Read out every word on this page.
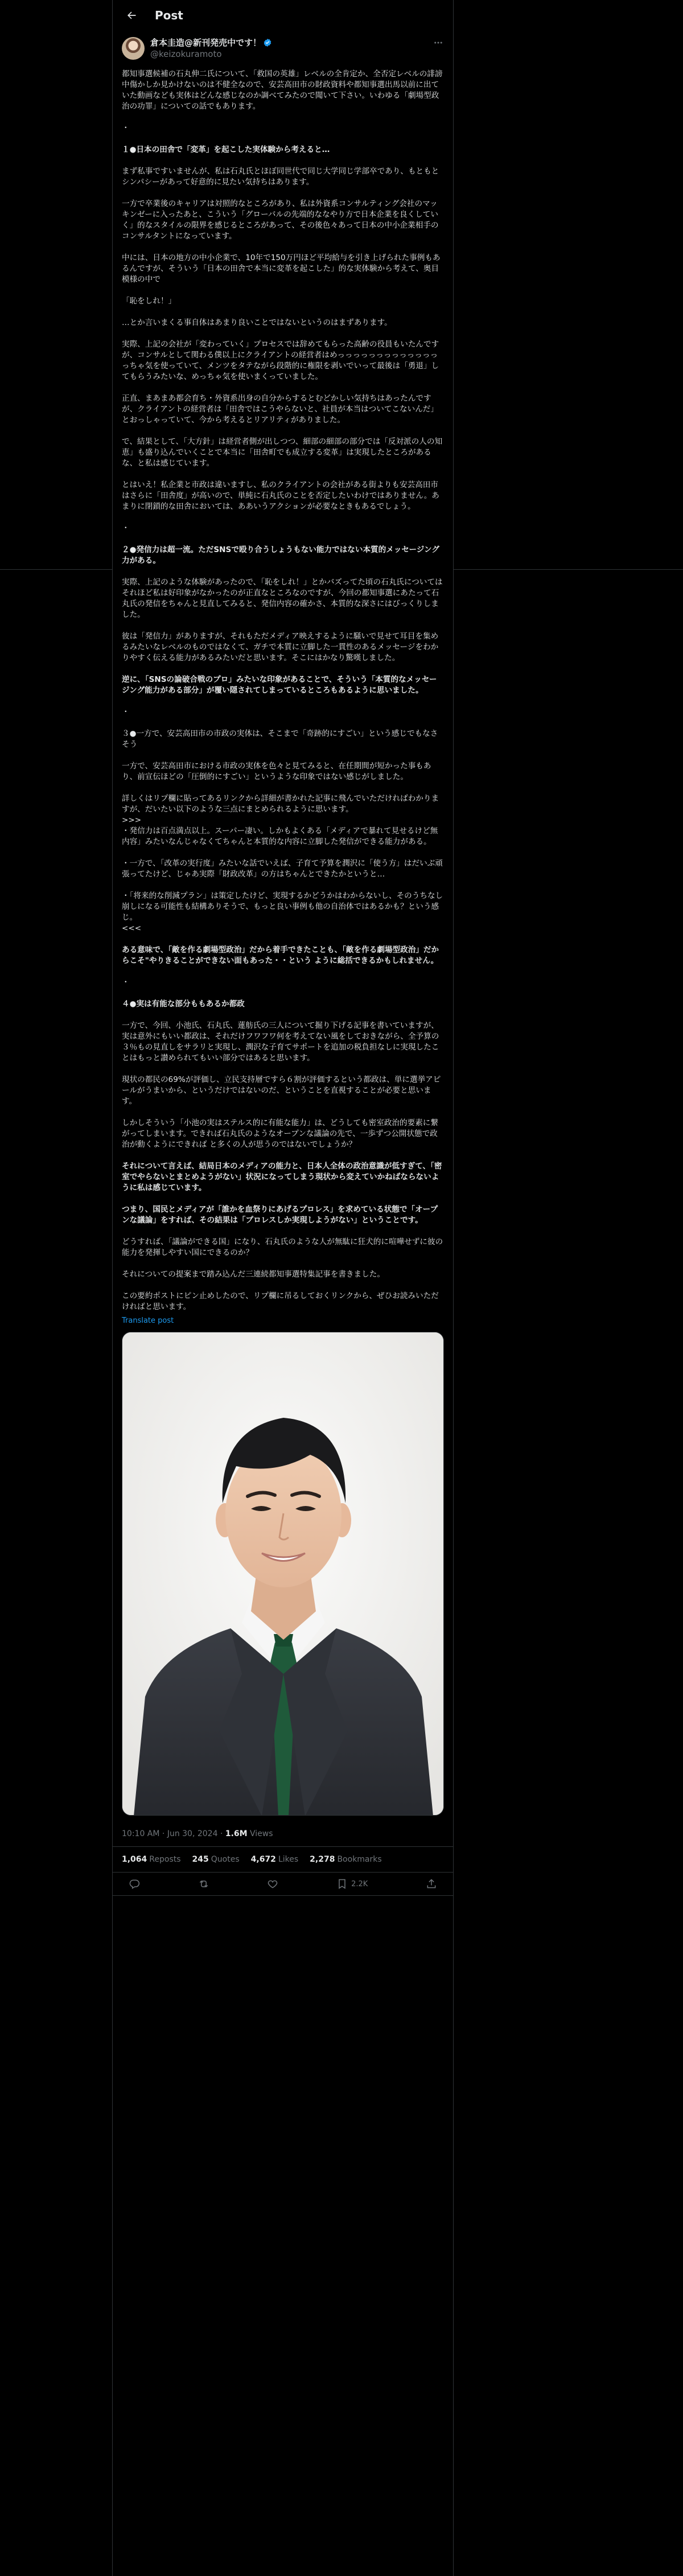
Post
倉本圭造@新刊発売中です！
@keizokuramoto

都知事選候補の石丸伸二氏について、「救国の英雄」レベルの全肯定か、全否定レベルの誹謗中傷かしか見かけないのは不健全なので、安芸高田市の財政資料や都知事選出馬以前に出ていた動画なども実体はどんな感じなのか調べてみたので聞いて下さい。いわゆる「劇場型政治の功罪」についての話でもあります。

・

１●日本の田舎で「変革」を起こした実体験から考えると…

まず私事ですいませんが、私は石丸氏とほぼ同世代で同じ大学同じ学部卒であり、もともとシンパシーがあって好意的に見たい気持ちはあります。

一方で卒業後のキャリアは対照的なところがあり、私は外資系コンサルティング会社のマッキンゼーに入ったあと、こういう「グローバルの先端的ななやり方で日本企業を良くしていく」的なスタイルの限界を感じるところがあって、その後色々あって日本の中小企業相手のコンサルタントになっています。

中には、日本の地方の中小企業で、10年で150万円ほど平均給与を引き上げられた事例もあるんですが、そういう「日本の田舎で本当に変革を起こした」的な実体験から考えて、奥目模様の中で

「恥をしれ！」

…とか言いまくる事自体はあまり良いことではないというのはまずあります。

実際、上記の会社が「変わっていく」プロセスでは辞めてもらった高齢の役員もいたんですが、コンサルとして関わる僕以上にクライアントの経営者はめっっっっっっっっっっっっっっちゃ気を使っていて、メンツをタテながら段階的に権限を剥いでいって最後は「勇退」してもらうみたいな、めっちゃ気を使いまくっていました。

正直、まあまあ都会育ち・外資系出身の自分からするとむどかしい気持ちはあったんですが、クライアントの経営者は「田舎ではこうやらないと、社員が本当はついてこないんだ」とおっしゃっていて、今から考えるとリアリティがありました。

で、結果として、「大方針」は経営者側が出しつつ、細部の細部の部分では「反対派の人の知恵」も盛り込んでいくことで本当に「田舎町でも成立する変革」は実現したところがあるな、と私は感じています。

とはいえ！私企業と市政は違いますし、私のクライアントの会社がある街よりも安芸高田市はさらに「田舎度」が高いので、単純に石丸氏のことを否定したいわけではありません。あまりに閉鎖的な田舎においては、ああいうアクションが必要なときもあるでしょう。

・

２●発信力は超一流。ただSNSで殴り合うしょうもない能力ではない本質的メッセージング力がある。

実際、上記のような体験があったので、「恥をしれ！」とかバズってた頃の石丸氏についてはそれほど私は好印象がなかったのが正直なところなのですが、今回の都知事選にあたって石丸氏の発信をちゃんと見直してみると、発信内容の確かさ、本質的な深さにはびっくりしました。

彼は「発信力」がありますが、それもただメディア映えするように騒いで見せて耳目を集めるみたいなレベルのものではなくて、ガチで本質に立脚した一貫性のあるメッセージをわかりやすく伝える能力があるみたいだと思います。そこにはかなり驚嘆しました。

逆に、「SNSの論破合戦のプロ」みたいな印象があることで、そういう「本質的なメッセージング能力がある部分」が覆い隠されてしまっているところもあるように思いました。

・

３●一方で、安芸高田市の市政の実体は、そこまで「奇跡的にすごい」という感じでもなさそう

一方で、安芸高田市における市政の実体を色々と見てみると、在任期間が短かった事もあり、前宣伝ほどの「圧倒的にすごい」というような印象ではない感じがしました。

詳しくはリプ欄に貼ってあるリンクから詳細が書かれた記事に飛んでいただければわかりますが、だいたい以下のような三点にまとめられるように思います。
>>>
・発信力は百点満点以上。スーパー凄い。しかもよくある「メディアで暴れて見せるけど無内容」みたいなんじゃなくてちゃんと本質的な内容に立脚した発信ができる能力がある。

・一方で、「改革の実行度」みたいな話でいえば、子育て予算を潤沢に「使う方」はだいぶ頑張ってたけど、じゃあ実際「財政改革」の方はちゃんとできたかというと…

・「将来的な削減プラン」は策定したけど、実現するかどうかはわからないし、そのうちなし崩しになる可能性も結構ありそうで、もっと良い事例も他の自治体ではあるかも？という感じ。
<<<

ある意味で、「敵を作る劇場型政治」だから着手できたことも、「敵を作る劇場型政治」だからこそ"やりきることができない面もあった・・という ように総括できるかもしれません。

・

４●実は有能な部分ももあるか都政

一方で、今回、小池氏、石丸氏、蓮舫氏の三人について掘り下げる記事を書いていますが、実は意外にもいい都政は、それだけフワフワ何を考えてない風をしておきながら、全予算の３％もの見直しをサラリと実現し、潤沢な子育てサポートを追加の税負担なしに実現したことはもっと讃められてもいい部分ではあると思います。

現状の都民の69%が評価し、立民支持層ですら６割が評価するという都政は、単に選挙アピールがうまいから、というだけではないのだ、ということを直視することが必要と思います。

しかしそういう「小池の実はステルス的に有能な能力」は、どうしても密室政治的要素に繋がってしまいます。できれば石丸氏のようなオープンな議論の先で、一歩ずつ公開状態で政治が動くようにできれば と多くの人が思うのではないでしょうか？

それについて言えば、結局日本のメディアの能力と、日本人全体の政治意識が低すぎて、「密室でやらないとまとめようがない」状況になってしまう現状から変えていかねばならないように私は感じています。

つまり、国民とメディアが「誰かを血祭りにあげるプロレス」を求めている状態で「オープンな議論」をすれば、その結果は「プロレスしか実現しようがない」ということです。

どうすれば、「議論ができる国」になり、石丸氏のような人が無駄に狂犬的に喧嘩せずに彼の能力を発揮しやすい国にできるのか？

それについての提案まで踏み込んだ三連続都知事選特集記事を書きました。

この要約ポストにピン止めしたので、リプ欄に吊るしておくリンクから、ぜひお読みいただければと思います。

Translate post
10:10 AM · Jun 30, 2024 · 1.6M Views
1,064 Reposts 245 Quotes 4,672 Likes 2,278 Bookmarks
2.2K
